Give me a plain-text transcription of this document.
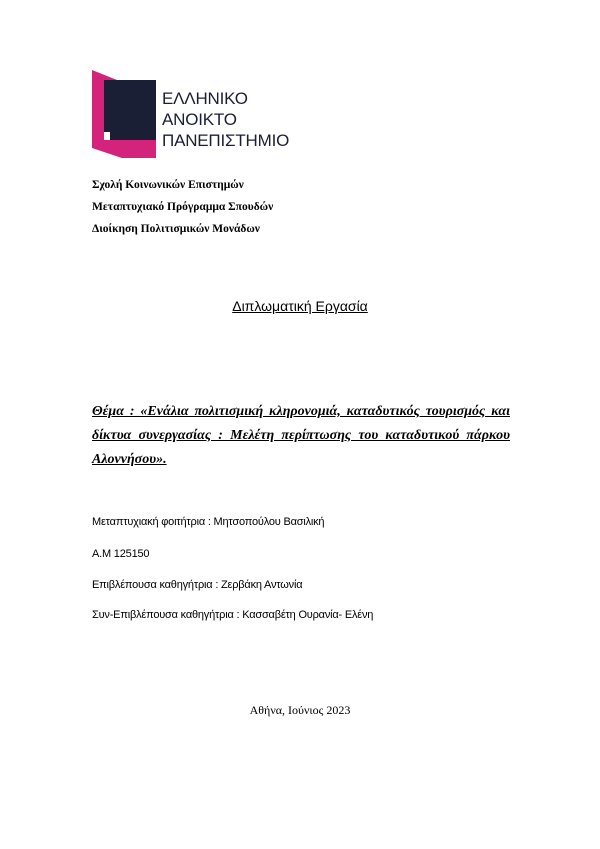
ΕΛΛΗΝΙΚΟ
ΑΝΟΙΚΤΟ
ΠΑΝΕΠΙΣΤΗΜΙΟ
Σχολή Κοινωνικών Επιστημών
Μεταπτυχιακό Πρόγραμμα Σπουδών
Διοίκηση Πολιτισμικών Μονάδων
Διπλωματική Εργασία
Θέμα : «Ενάλια πολιτισμική κληρονομιά, καταδυτικός τουρισμός και δίκτυα συνεργασίας : Μελέτη περίπτωσης του καταδυτικού πάρκου Αλοννήσου».
Μεταπτυχιακή φοιτήτρια : Μητσοπούλου Βασιλική
Α.Μ 125150
Επιβλέπουσα καθηγήτρια : Ζερβάκη Αντωνία
Συν-Επιβλέπουσα καθηγήτρια : Κασσαβέτη Ουρανία- Ελένη
Αθήνα, Ιούνιος 2023
